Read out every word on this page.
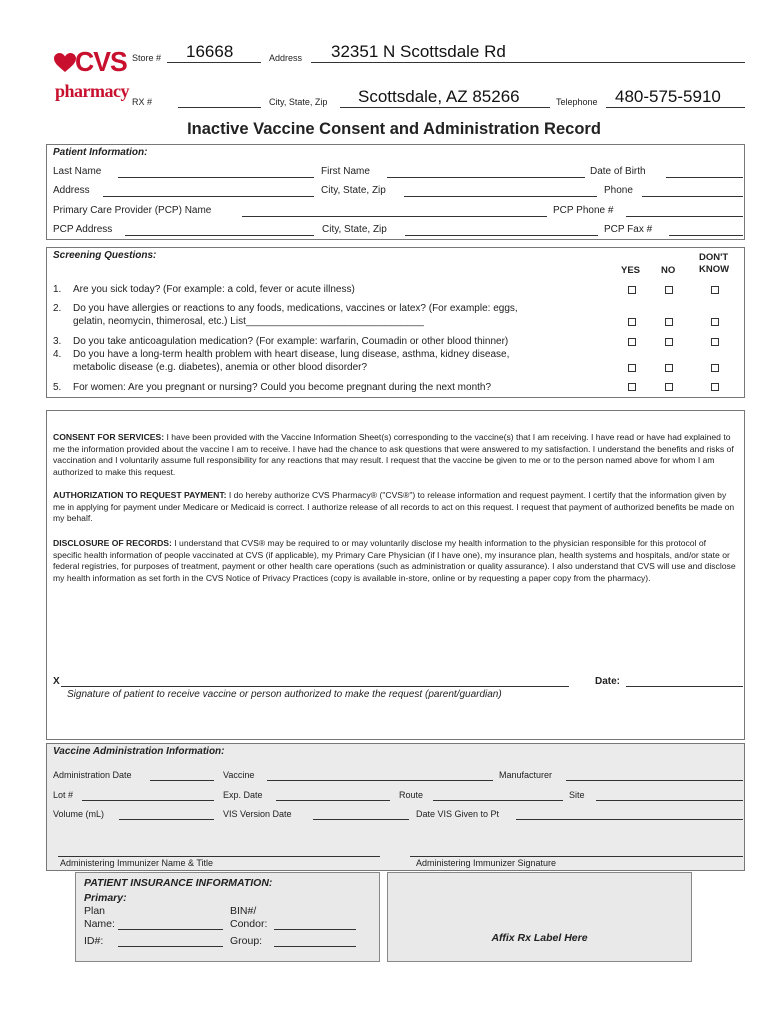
CVS
pharmacy
Store # 16668	Address 32351 N Scottsdale Rd
RX #	City, State, Zip Scottsdale, AZ 85266	Telephone 480-575-5910
Inactive Vaccine Consent and Administration Record
Patient Information:
Last Name	First Name	Date of Birth
Address	City, State, Zip	Phone
Primary Care Provider (PCP) Name	PCP Phone #
PCP Address	City, State, Zip	PCP Fax #
Screening Questions:
YES NO
DON'T
KNOW
1. Are you sick today? (For example: a cold, fever or acute illness)
2. Do you have allergies or reactions to any foods, medications, vaccines or latex? (For example: eggs,
gelatin, neomycin, thimerosal, etc.) List________________________________
3. Do you take anticoagulation medication? (For example: warfarin, Coumadin or other blood thinner)
4. Do you have a long-term health problem with heart disease, lung disease, asthma, kidney disease,
metabolic disease (e.g. diabetes), anemia or other blood disorder?
5. For women: Are you pregnant or nursing? Could you become pregnant during the next month?
CONSENT FOR SERVICES: I have been provided with the Vaccine Information Sheet(s) corresponding to the vaccine(s) that I am receiving. I have read or have had explained to me the information provided about the vaccine I am to receive. I have had the chance to ask questions that were answered to my satisfaction. I understand the benefits and risks of vaccination and I voluntarily assume full responsibility for any reactions that may result. I request that the vaccine be given to me or to the person named above for whom I am authorized to make this request.
AUTHORIZATION TO REQUEST PAYMENT: I do hereby authorize CVS Pharmacy® ("CVS®") to release information and request payment. I certify that the information given by me in applying for payment under Medicare or Medicaid is correct. I authorize release of all records to act on this request. I request that payment of authorized benefits be made on my behalf.
DISCLOSURE OF RECORDS: I understand that CVS® may be required to or may voluntarily disclose my health information to the physician responsible for this protocol of specific health information of people vaccinated at CVS (if applicable), my Primary Care Physician (if I have one), my insurance plan, health systems and hospitals, and/or state or federal registries, for purposes of treatment, payment or other health care operations (such as administration or quality assurance). I also understand that CVS will use and disclose my health information as set forth in the CVS Notice of Privacy Practices (copy is available in-store, online or by requesting a paper copy from the pharmacy).
X
Signature of patient to receive vaccine or person authorized to make the request (parent/guardian)
Date:
Vaccine Administration Information:
Administration Date	Vaccine	Manufacturer
Lot #	Exp. Date	Route	Site
Volume (mL)	VIS Version Date	Date VIS Given to Pt
Administering Immunizer Name & Title	Administering Immunizer Signature
PATIENT INSURANCE INFORMATION:
Primary:
Plan
Name:
ID#:
BIN#/
Condor:
Group:	Affix Rx Label Here
